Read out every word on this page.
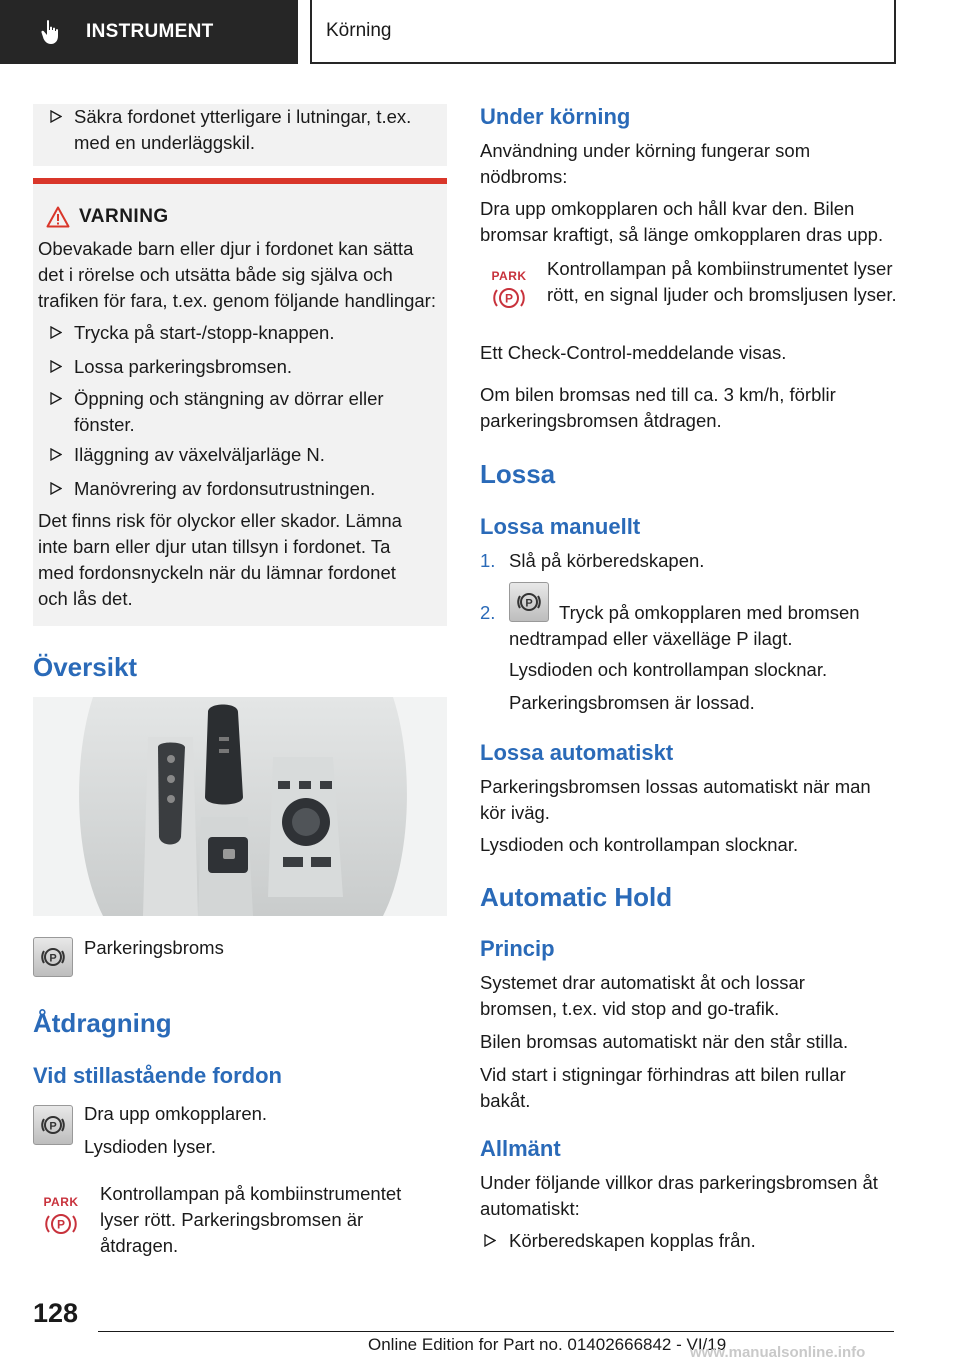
INSTRUMENT	Körning
Säkra fordonet ytterligare i lutningar, t.ex. med en underläggskil.
VARNING
Obevakade barn eller djur i fordonet kan sätta det i rörelse och utsätta både sig själva och trafiken för fara, t.ex. genom följande handlingar:
Trycka på start-/stopp-knappen.
Lossa parkeringsbromsen.
Öppning och stängning av dörrar eller fönster.
Iläggning av växelväljarläge N.
Manövrering av fordonsutrustningen.
Det finns risk för olyckor eller skador. Lämna inte barn eller djur utan tillsyn i fordonet. Ta med fordonsnyckeln när du lämnar fordonet och lås det.
Översikt
P
Parkeringsbroms
Åtdragning
Vid stillastående fordon
P
Dra upp omkopplaren.
Lysdioden lyser.
PARK
P
Kontrollampan på kombiinstrumentet lyser rött. Parkeringsbromsen är åtdragen.
Under körning
Användning under körning fungerar som nödbroms:
Dra upp omkopplaren och håll kvar den. Bilen bromsar kraftigt, så länge omkopplaren dras upp.
PARK
P
Kontrollampan på kombiinstrumentet lyser rött, en signal ljuder och bromsljusen lyser.
Ett Check-Control-meddelande visas.
Om bilen bromsas ned till ca. 3 km/h, förblir parkeringsbromsen åtdragen.
Lossa
Lossa manuellt
1. Slå på körberedskapen.
2.	P	Tryck på omkopplaren med bromsen nedtrampad eller växelläge P ilagt.
Lysdioden och kontrollampan slocknar.
Parkeringsbromsen är lossad.
Lossa automatiskt
Parkeringsbromsen lossas automatiskt när man kör iväg.
Lysdioden och kontrollampan slocknar.
Automatic Hold
Princip
Systemet drar automatiskt åt och lossar bromsen, t.ex. vid stop and go-trafik.
Bilen bromsas automatiskt när den står stilla.
Vid start i stigningar förhindras att bilen rullar bakåt.
Allmänt
Under följande villkor dras parkeringsbromsen åt automatiskt:
Körberedskapen kopplas från.
128
Online Edition for Part no. 01402666842 - VI/19
www.manualsonline.info
